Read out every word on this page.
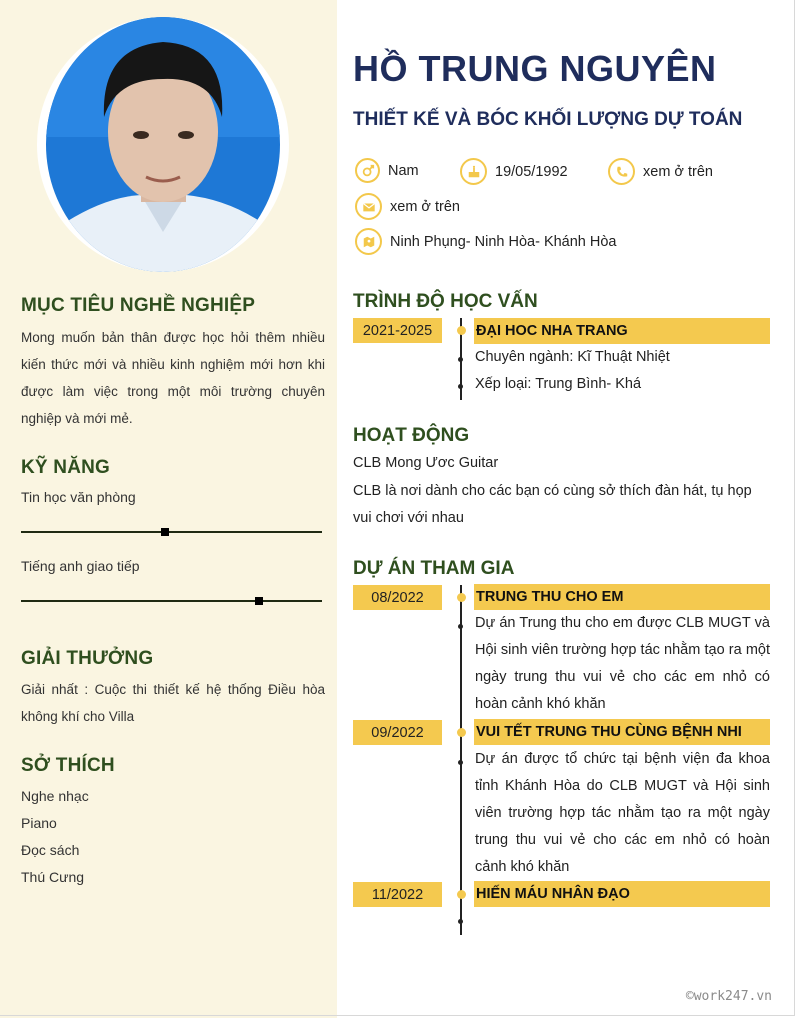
MỤC TIÊU NGHỀ NGHIỆP

Mong muốn bản thân được học hỏi thêm nhiều kiến thức mới và nhiều kinh nghiệm mới hơn khi được làm việc trong một môi trường chuyên nghiệp và mới mẻ.

KỸ NĂNG

Tin học văn phòng

Tiếng anh giao tiếp

GIẢI THƯỞNG

Giải nhất : Cuộc thi thiết kế hệ thống Điều hòa không khí cho Villa

SỞ THÍCH

Nghe nhạc

Piano

Đọc sách

Thú Cưng

HỒ TRUNG NGUYÊN
THIẾT KẾ VÀ BÓC KHỐI LƯỢNG DỰ TOÁN
Nam	19/05/1992	xem ở trên
xem ở trên
Ninh Phụng- Ninh Hòa- Khánh Hòa
TRÌNH ĐỘ HỌC VẤN
2021-2025	ĐẠI HOC NHA TRANG

Chuyên ngành: Kĩ Thuật Nhiệt

Xếp loại: Trung Bình- Khá

HOẠT ĐỘNG

CLB Mong Ươc Guitar

CLB là nơi dành cho các bạn có cùng sở thích đàn hát, tụ họp vui chơi với nhau

DỰ ÁN THAM GIA
08/2022	TRUNG THU CHO EM

Dự án Trung thu cho em được CLB MUGT và Hội sinh viên trường hợp tác nhằm tạo ra một ngày trung thu vui vẻ cho các em nhỏ có hoàn cảnh khó khăn

09/2022	VUI TẾT TRUNG THU CÙNG BỆNH NHI

Dự án được tổ chức tại bệnh viện đa khoa tỉnh Khánh Hòa do CLB MUGT và Hội sinh viên trường hợp tác nhằm tạo ra một ngày trung thu vui vẻ cho các em nhỏ có hoàn cảnh khó khăn

11/2022	HIẾN MÁU NHÂN ĐẠO
©work247.vn
